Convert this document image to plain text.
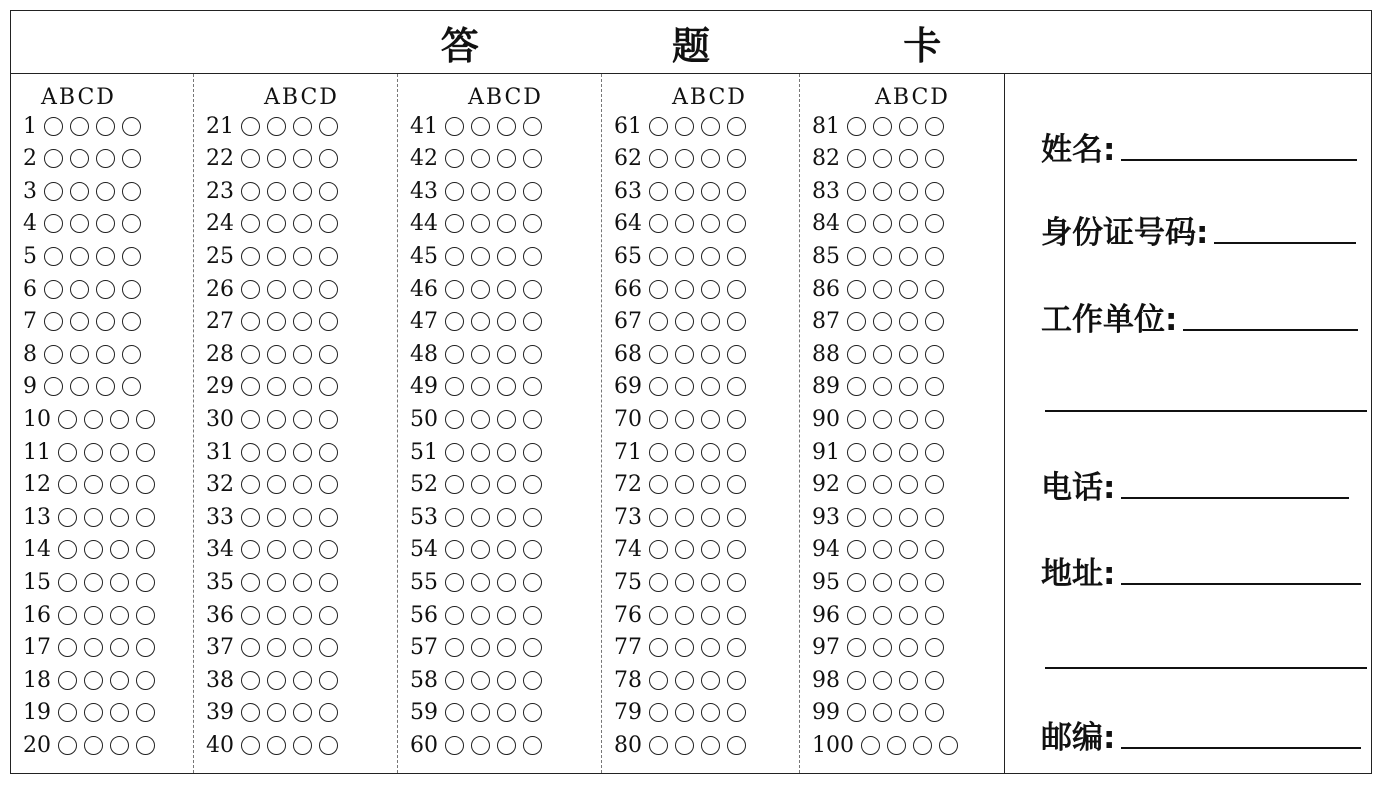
答 题 卡
ABCD
1
2
3
4
5
6
7
8
9
10
11
12
13
14
15
16
17
18
19
20
ABCD
21
22
23
24
25
26
27
28
29
30
31
32
33
34
35
36
37
38
39
40
ABCD
41
42
43
44
45
46
47
48
49
50
51
52
53
54
55
56
57
58
59
60
ABCD
61
62
63
64
65
66
67
68
69
70
71
72
73
74
75
76
77
78
79
80
ABCD
81
82
83
84
85
86
87
88
89
90
91
92
93
94
95
96
97
98
99
100
姓名:
身份证号码:
工作单位:
电话:
地址:
邮编:
